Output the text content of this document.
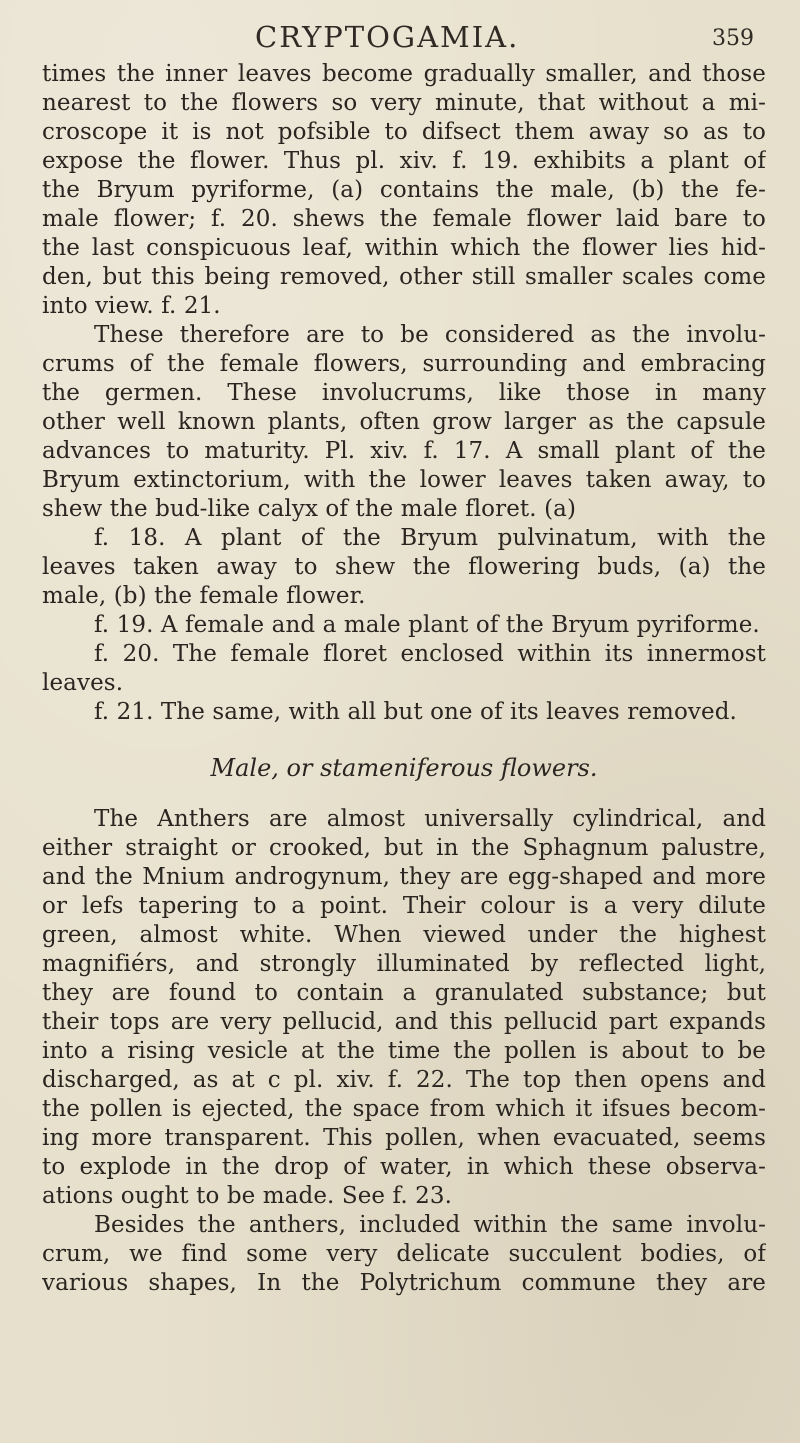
CRYPTOGAMIA.	359
times the inner leaves become gradually smaller, and those
nearest to the flowers so very minute, that without a mi-
croscope it is not pofsible to difsect them away so as to
expose the flower. Thus pl. xiv. f. 19. exhibits a plant of
the Bryum pyriforme, (a) contains the male, (b) the fe-
male flower; f. 20. shews the female flower laid bare to
the last conspicuous leaf, within which the flower lies hid-
den, but this being removed, other still smaller scales come
into view. f. 21.
These therefore are to be considered as the involu-
crums of the female flowers, surrounding and embracing
the germen. These involucrums, like those in many
other well known plants, often grow larger as the capsule
advances to maturity. Pl. xiv. f. 17. A small plant of the
Bryum extinctorium, with the lower leaves taken away, to
shew the bud-like calyx of the male floret. (a)
f. 18. A plant of the Bryum pulvinatum, with the
leaves taken away to shew the flowering buds, (a) the
male, (b) the female flower.
f. 19. A female and a male plant of the Bryum pyriforme.
f. 20. The female floret enclosed within its innermost
leaves.
f. 21. The same, with all but one of its leaves removed.
Male, or stameniferous flowers.
The Anthers are almost universally cylindrical, and
either straight or crooked, but in the Sphagnum palustre,
and the Mnium androgynum, they are egg-shaped and more
or lefs tapering to a point. Their colour is a very dilute
green, almost white. When viewed under the highest
magnifiérs, and strongly illuminated by reflected light,
they are found to contain a granulated substance; but
their tops are very pellucid, and this pellucid part expands
into a rising vesicle at the time the pollen is about to be
discharged, as at c pl. xiv. f. 22. The top then opens and
the pollen is ejected, the space from which it ifsues becom-
ing more transparent. This pollen, when evacuated, seems
to explode in the drop of water, in which these observa-
ations ought to be made. See f. 23.
Besides the anthers, included within the same involu-
crum, we find some very delicate succulent bodies, of
various shapes, In the Polytrichum commune they are
